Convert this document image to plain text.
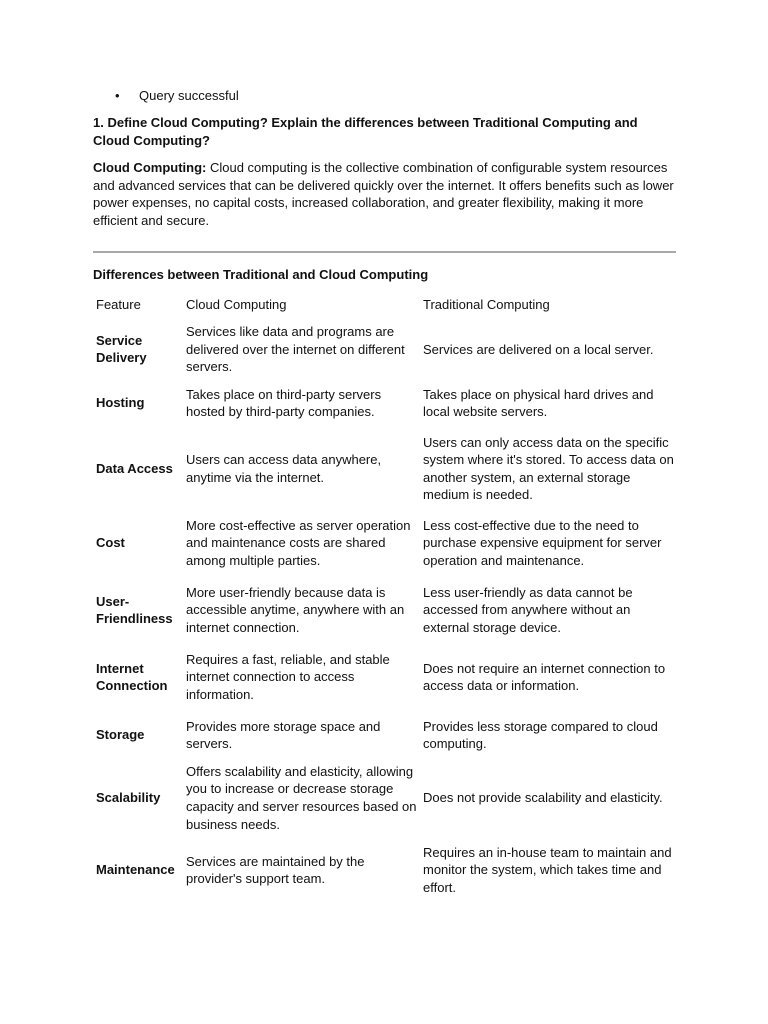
• Query successful

1. Define Cloud Computing? Explain the differences between Traditional Computing and Cloud Computing?

Cloud Computing: Cloud computing is the collective combination of configurable system resources and advanced services that can be delivered quickly over the internet. It offers benefits such as lower power expenses, no capital costs, increased collaboration, and greater flexibility, making it more efficient and secure.

Differences between Traditional and Cloud Computing

Feature	Cloud Computing	Traditional Computing
Service Delivery	Services like data and programs are delivered over the internet on different servers.	Services are delivered on a local server.
Hosting	Takes place on third-party servers hosted by third-party companies.	Takes place on physical hard drives and local website servers.
Data Access	Users can access data anywhere, anytime via the internet.	Users can only access data on the specific system where it's stored. To access data on another system, an external storage medium is needed.
Cost	More cost-effective as server operation and maintenance costs are shared among multiple parties.	Less cost-effective due to the need to purchase expensive equipment for server operation and maintenance.
User-Friendliness	More user-friendly because data is accessible anytime, anywhere with an internet connection.	Less user-friendly as data cannot be accessed from anywhere without an external storage device.
Internet Connection	Requires a fast, reliable, and stable internet connection to access information.	Does not require an internet connection to access data or information.
Storage	Provides more storage space and servers.	Provides less storage compared to cloud computing.
Scalability	Offers scalability and elasticity, allowing you to increase or decrease storage capacity and server resources based on business needs.	Does not provide scalability and elasticity.
Maintenance	Services are maintained by the provider's support team.	Requires an in-house team to maintain and monitor the system, which takes time and effort.
